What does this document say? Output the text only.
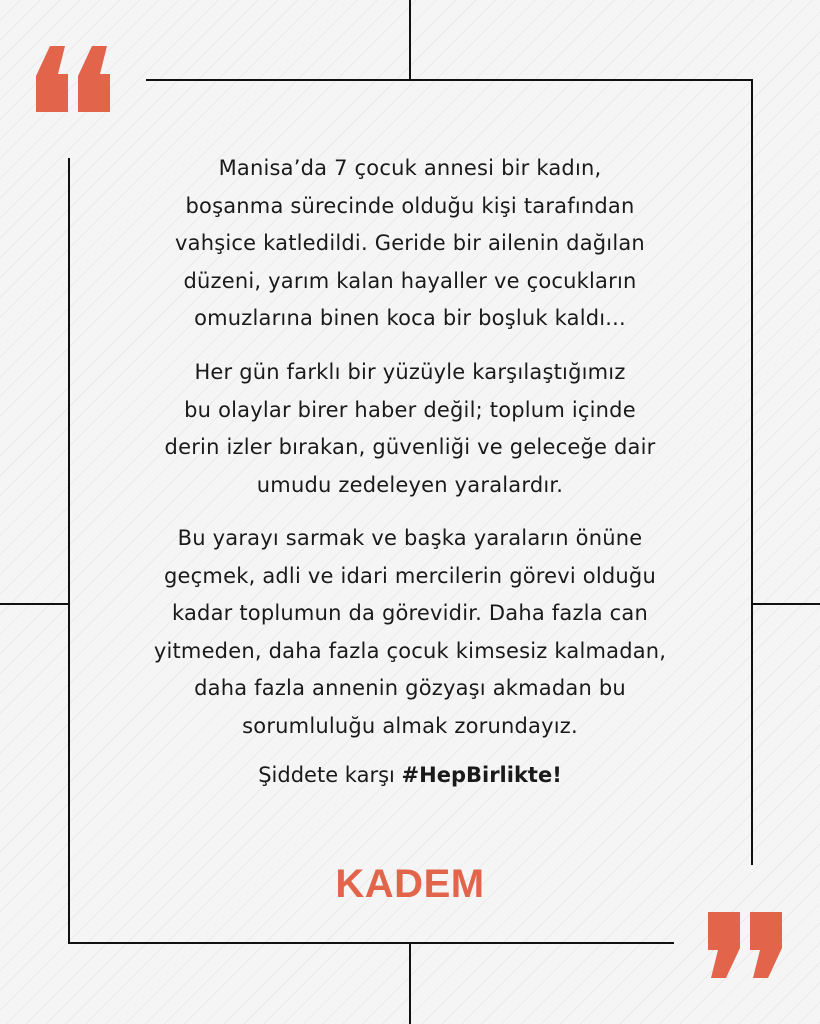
Manisa’da 7 çocuk annesi bir kadın,

boşanma sürecinde olduğu kişi tarafından

vahşice katledildi. Geride bir ailenin dağılan

düzeni, yarım kalan hayaller ve çocukların

omuzlarına binen koca bir boşluk kaldı...

Her gün farklı bir yüzüyle karşılaştığımız

bu olaylar birer haber değil; toplum içinde

derin izler bırakan, güvenliği ve geleceğe dair

umudu zedeleyen yaralardır.

Bu yarayı sarmak ve başka yaraların önüne

geçmek, adli ve idari mercilerin görevi olduğu

kadar toplumun da görevidir. Daha fazla can

yitmeden, daha fazla çocuk kimsesiz kalmadan,

daha fazla annenin gözyaşı akmadan bu

sorumluluğu almak zorundayız.

Şiddete karşı #HepBirlikte!
KADEM
